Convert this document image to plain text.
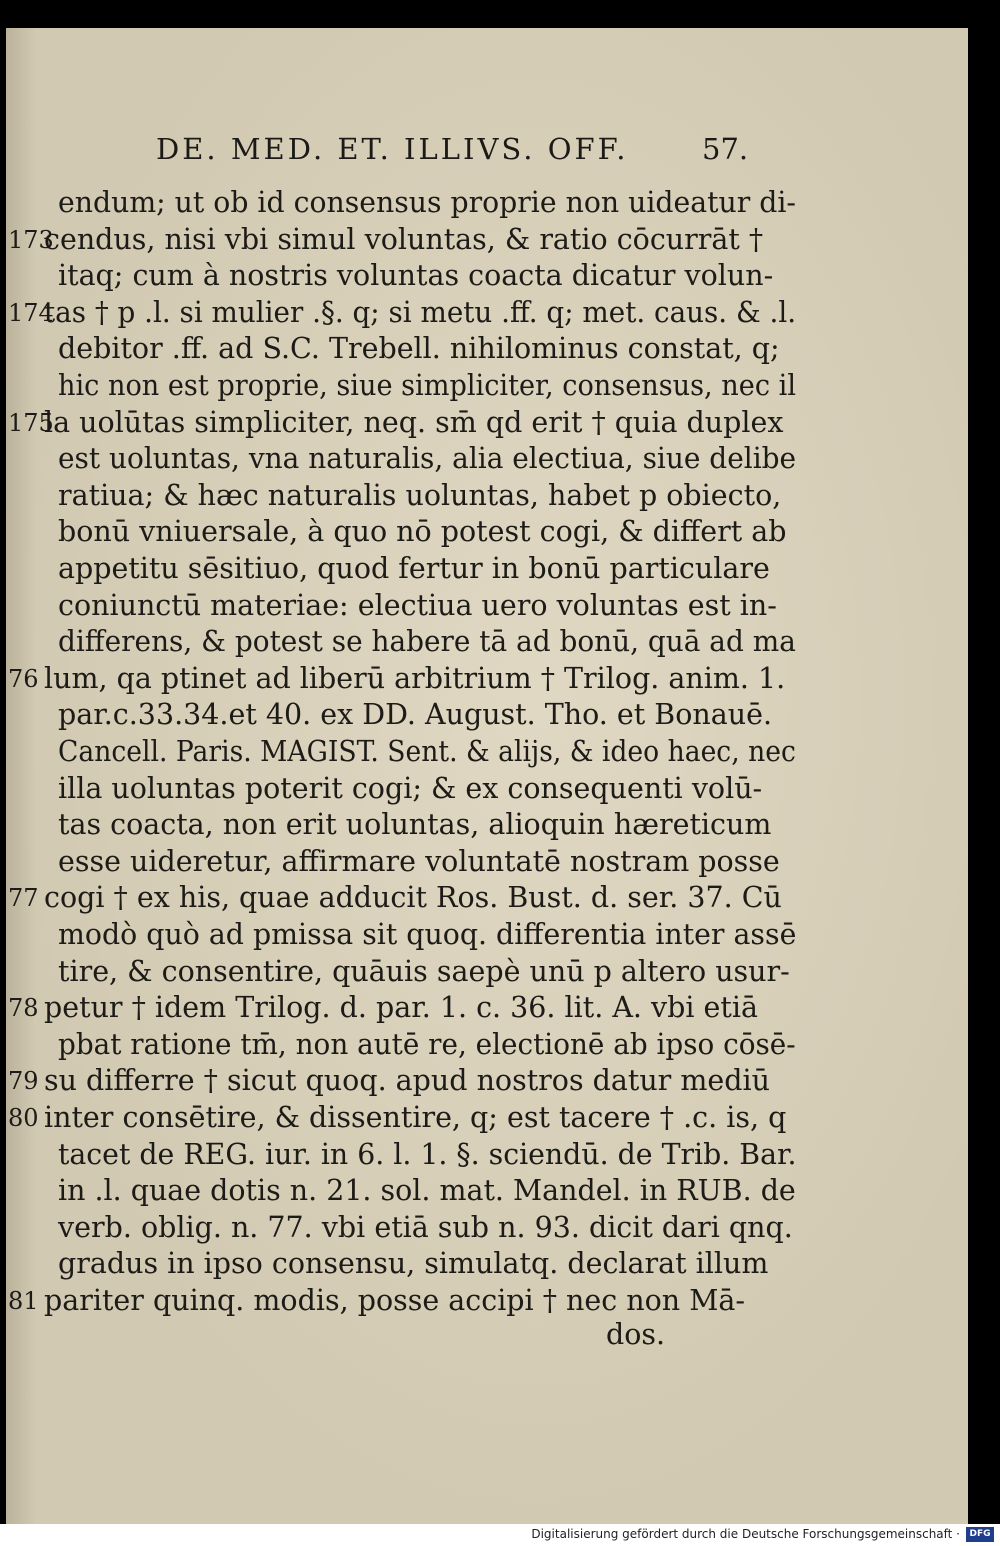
DE. MED. ET. ILLIVS. OFF.	57.
endum; ut ob id consensus proprie non uideatur di-
173
cendus, nisi vbi simul voluntas, & ratio cōcurrāt †
itaq; cum à nostris voluntas coacta dicatur volun-
174
tas † p .l. si mulier .§. q; si metu .ff. q; met. caus. & .l.
debitor .ff. ad S.C. Trebell. nihilominus constat, q;
hic non est proprie, siue simpliciter, consensus, nec il
175
la uolūtas simpliciter, neq. sm̄ qd erit † quia duplex
est uoluntas, vna naturalis, alia electiua, siue delibe
ratiua; & hæc naturalis uoluntas, habet p obiecto,
bonū vniuersale, à quo nō potest cogi, & differt ab
appetitu sēsitiuo, quod fertur in bonū particulare
coniunctū materiae: electiua uero voluntas est in-
differens, & potest se habere tā ad bonū, quā ad ma
76 lum, qa ptinet ad liberū arbitrium † Trilog. anim. 1.
par.c.33.34.et 40. ex DD. August. Tho. et Bonauē.
Cancell. Paris. MAGIST. Sent. & alijs, & ideo haec, nec
illa uoluntas poterit cogi; & ex consequenti volū-
tas coacta, non erit uoluntas, alioquin hæreticum
esse uideretur, affirmare voluntatē nostram posse
77 cogi † ex his, quae adducit Ros. Bust. d. ser. 37. Cū
modò quò ad pmissa sit quoq. differentia inter assē
tire, & consentire, quāuis saepè unū p altero usur-
78 petur † idem Trilog. d. par. 1. c. 36. lit. A. vbi etiā
pbat ratione tm̄, non autē re, electionē ab ipso cōsē-
79 su differre † sicut quoq. apud nostros datur mediū
80 inter consētire, & dissentire, q; est tacere † .c. is, q
tacet de REG. iur. in 6. l. 1. §. sciendū. de Trib. Bar.
in .l. quae dotis n. 21. sol. mat. Mandel. in RUB. de
verb. oblig. n. 77. vbi etiā sub n. 93. dicit dari qnq.
gradus in ipso consensu, simulatq. declarat illum
81 pariter quinq. modis, posse accipi † nec non Mā-
dos.
Digitalisierung gefördert durch die Deutsche Forschungsgemeinschaft ·	DFG
